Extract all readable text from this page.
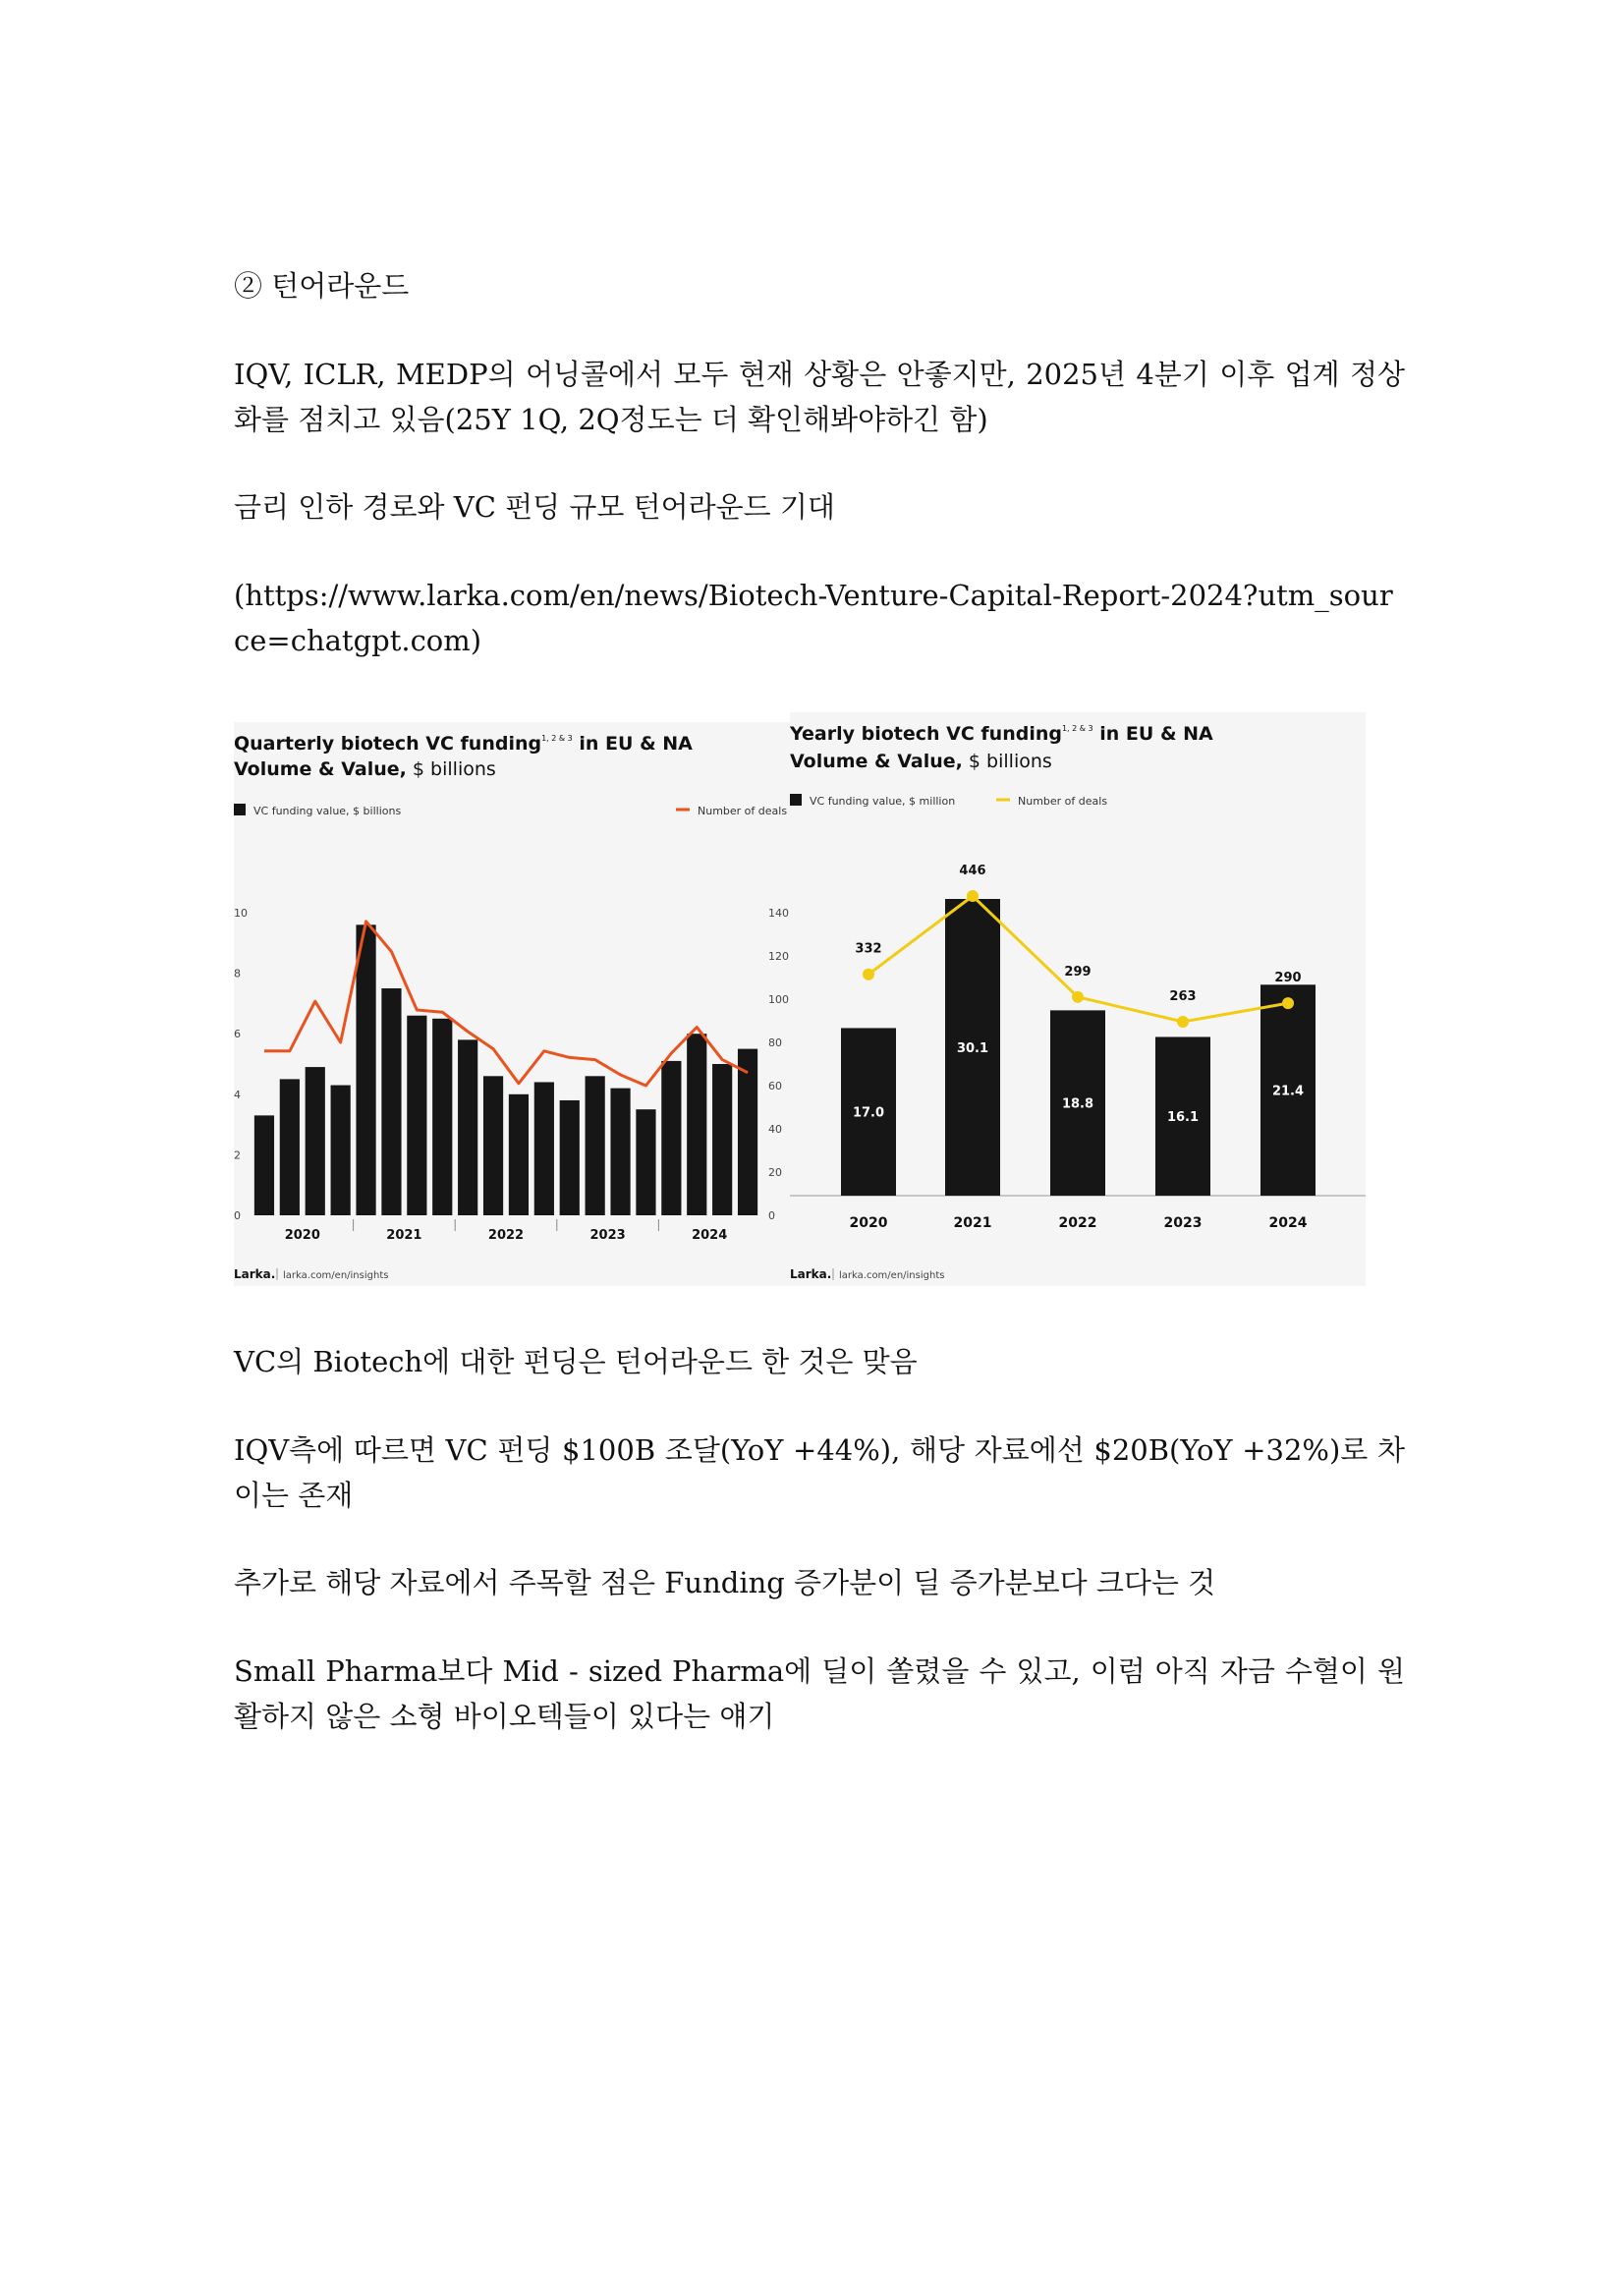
② 턴어라운드
IQV, ICLR, MEDP의 어닝콜에서 모두 현재 상황은 안좋지만, 2025년 4분기 이후 업계 정상화를 점치고 있음(25Y 1Q, 2Q정도는 더 확인해봐야하긴 함)
금리 인하 경로와 VC 펀딩 규모 턴어라운드 기대
(https://www.larka.com/en/news/Biotech-Venture-Capital-Report-2024?utm_source=chatgpt.com)
Quarterly biotech VC funding$^{1, 2 \& 3}$ in EU & NA
Volume & Value, $ billions
VC funding value, $ billions	Number of deals
0
2
4
6
8
10
0
20
40
60
80
100
120
140
2020	2021	2022	2023	2024
Larka. larka.com/en/insights
Yearly biotech VC funding$^{1, 2 \& 3}$ in EU & NA
Volume & Value, $ billions
VC funding value, $ million	Number of deals
17.0
30.1
18.8
16.1
21.4
332
446
299
263
290
2020	2021	2022	2023	2024
Larka. larka.com/en/insights
VC의 Biotech에 대한 펀딩은 턴어라운드 한 것은 맞음
IQV측에 따르면 VC 펀딩 $100B 조달(YoY +44%), 해당 자료에선 $20B(YoY +32%)로 차이는 존재
추가로 해당 자료에서 주목할 점은 Funding 증가분이 딜 증가분보다 크다는 것
Small Pharma보다 Mid - sized Pharma에 딜이 쏠렸을 수 있고, 이럼 아직 자금 수혈이 원활하지 않은 소형 바이오텍들이 있다는 얘기
